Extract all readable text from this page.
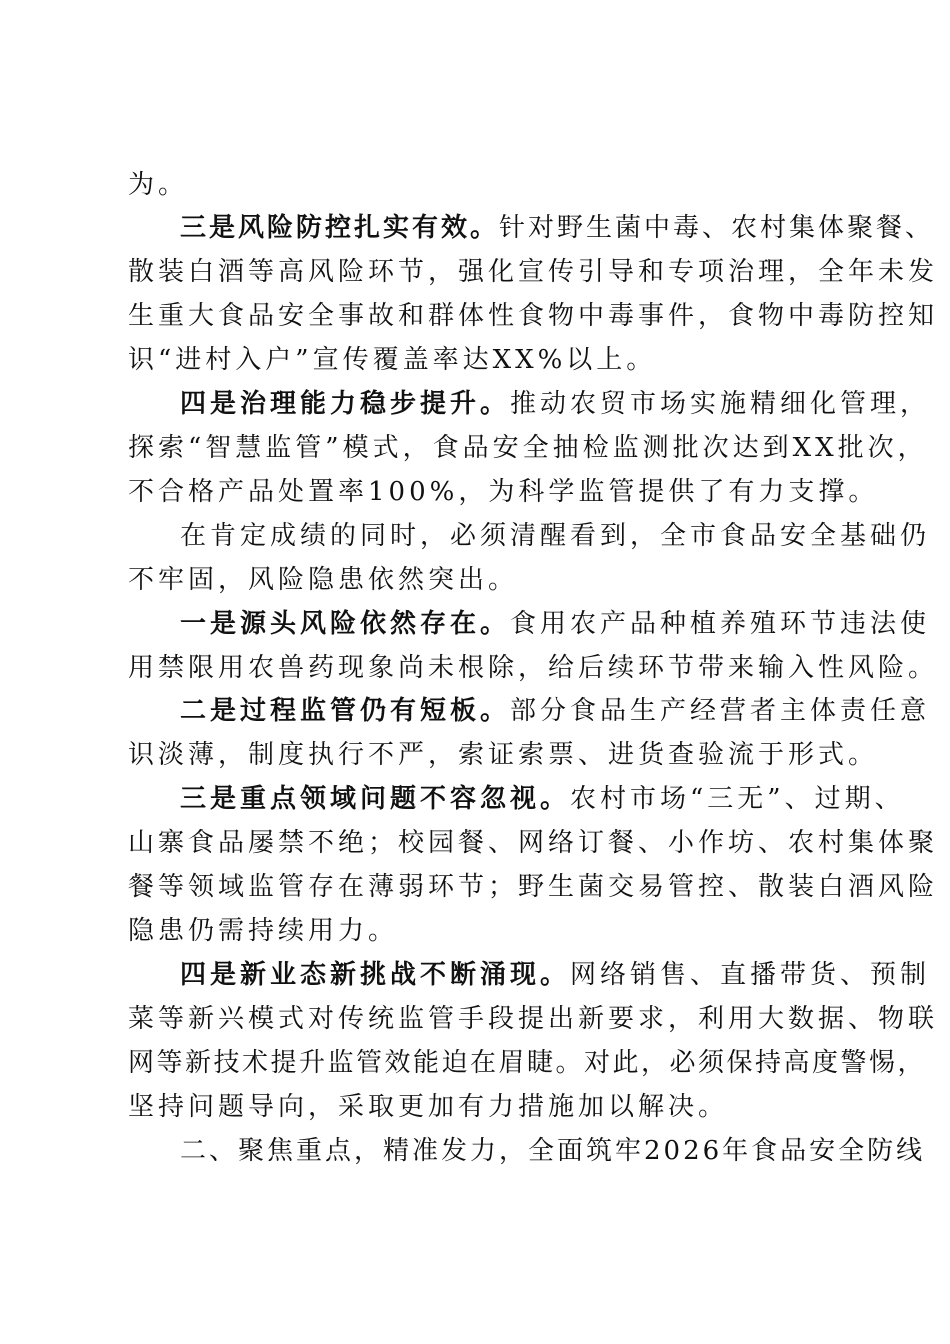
为。

三是风险防控扎实有效。针对野生菌中毒、农村集体聚餐、

散装白酒等高风险环节，强化宣传引导和专项治理，全年未发

生重大食品安全事故和群体性食物中毒事件，食物中毒防控知

识“进村入户”宣传覆盖率达XX%以上。

四是治理能力稳步提升。推动农贸市场实施精细化管理，

探索“智慧监管”模式，食品安全抽检监测批次达到XX批次，

不合格产品处置率100%，为科学监管提供了有力支撑。

在肯定成绩的同时，必须清醒看到，全市食品安全基础仍

不牢固，风险隐患依然突出。

一是源头风险依然存在。食用农产品种植养殖环节违法使

用禁限用农兽药现象尚未根除，给后续环节带来输入性风险。

二是过程监管仍有短板。部分食品生产经营者主体责任意

识淡薄，制度执行不严，索证索票、进货查验流于形式。

三是重点领域问题不容忽视。农村市场“三无”、过期、

山寨食品屡禁不绝；校园餐、网络订餐、小作坊、农村集体聚

餐等领域监管存在薄弱环节；野生菌交易管控、散装白酒风险

隐患仍需持续用力。

四是新业态新挑战不断涌现。网络销售、直播带货、预制

菜等新兴模式对传统监管手段提出新要求，利用大数据、物联

网等新技术提升监管效能迫在眉睫。对此，必须保持高度警惕，

坚持问题导向，采取更加有力措施加以解决。

二、聚焦重点，精准发力，全面筑牢2026年食品安全防线
